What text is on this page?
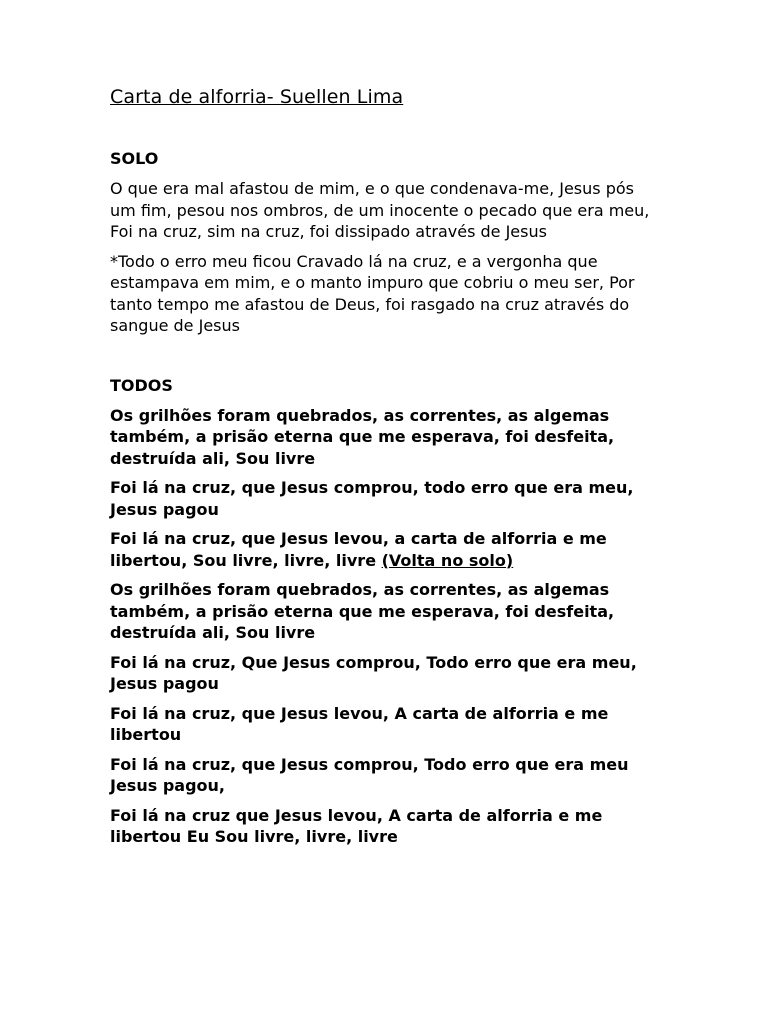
Carta de alforria- Suellen Lima
SOLO

O que era mal afastou de mim, e o que condenava-me, Jesus pós um fim, pesou nos ombros, de um inocente o pecado que era meu, Foi na cruz, sim na cruz, foi dissipado através de Jesus

*Todo o erro meu ficou Cravado lá na cruz, e a vergonha que estampava em mim, e o manto impuro que cobriu o meu ser, Por tanto tempo me afastou de Deus, foi rasgado na cruz através do sangue de Jesus

TODOS

Os grilhões foram quebrados, as correntes, as algemas também, a prisão eterna que me esperava, foi desfeita, destruída ali, Sou livre

Foi lá na cruz, que Jesus comprou, todo erro que era meu, Jesus pagou

Foi lá na cruz, que Jesus levou, a carta de alforria e me libertou, Sou livre, livre, livre (Volta no solo)

Os grilhões foram quebrados, as correntes, as algemas também, a prisão eterna que me esperava, foi desfeita, destruída ali, Sou livre

Foi lá na cruz, Que Jesus comprou, Todo erro que era meu, Jesus pagou

Foi lá na cruz, que Jesus levou, A carta de alforria e me libertou

Foi lá na cruz, que Jesus comprou, Todo erro que era meu Jesus pagou,

Foi lá na cruz que Jesus levou, A carta de alforria e me libertou Eu Sou livre, livre, livre
